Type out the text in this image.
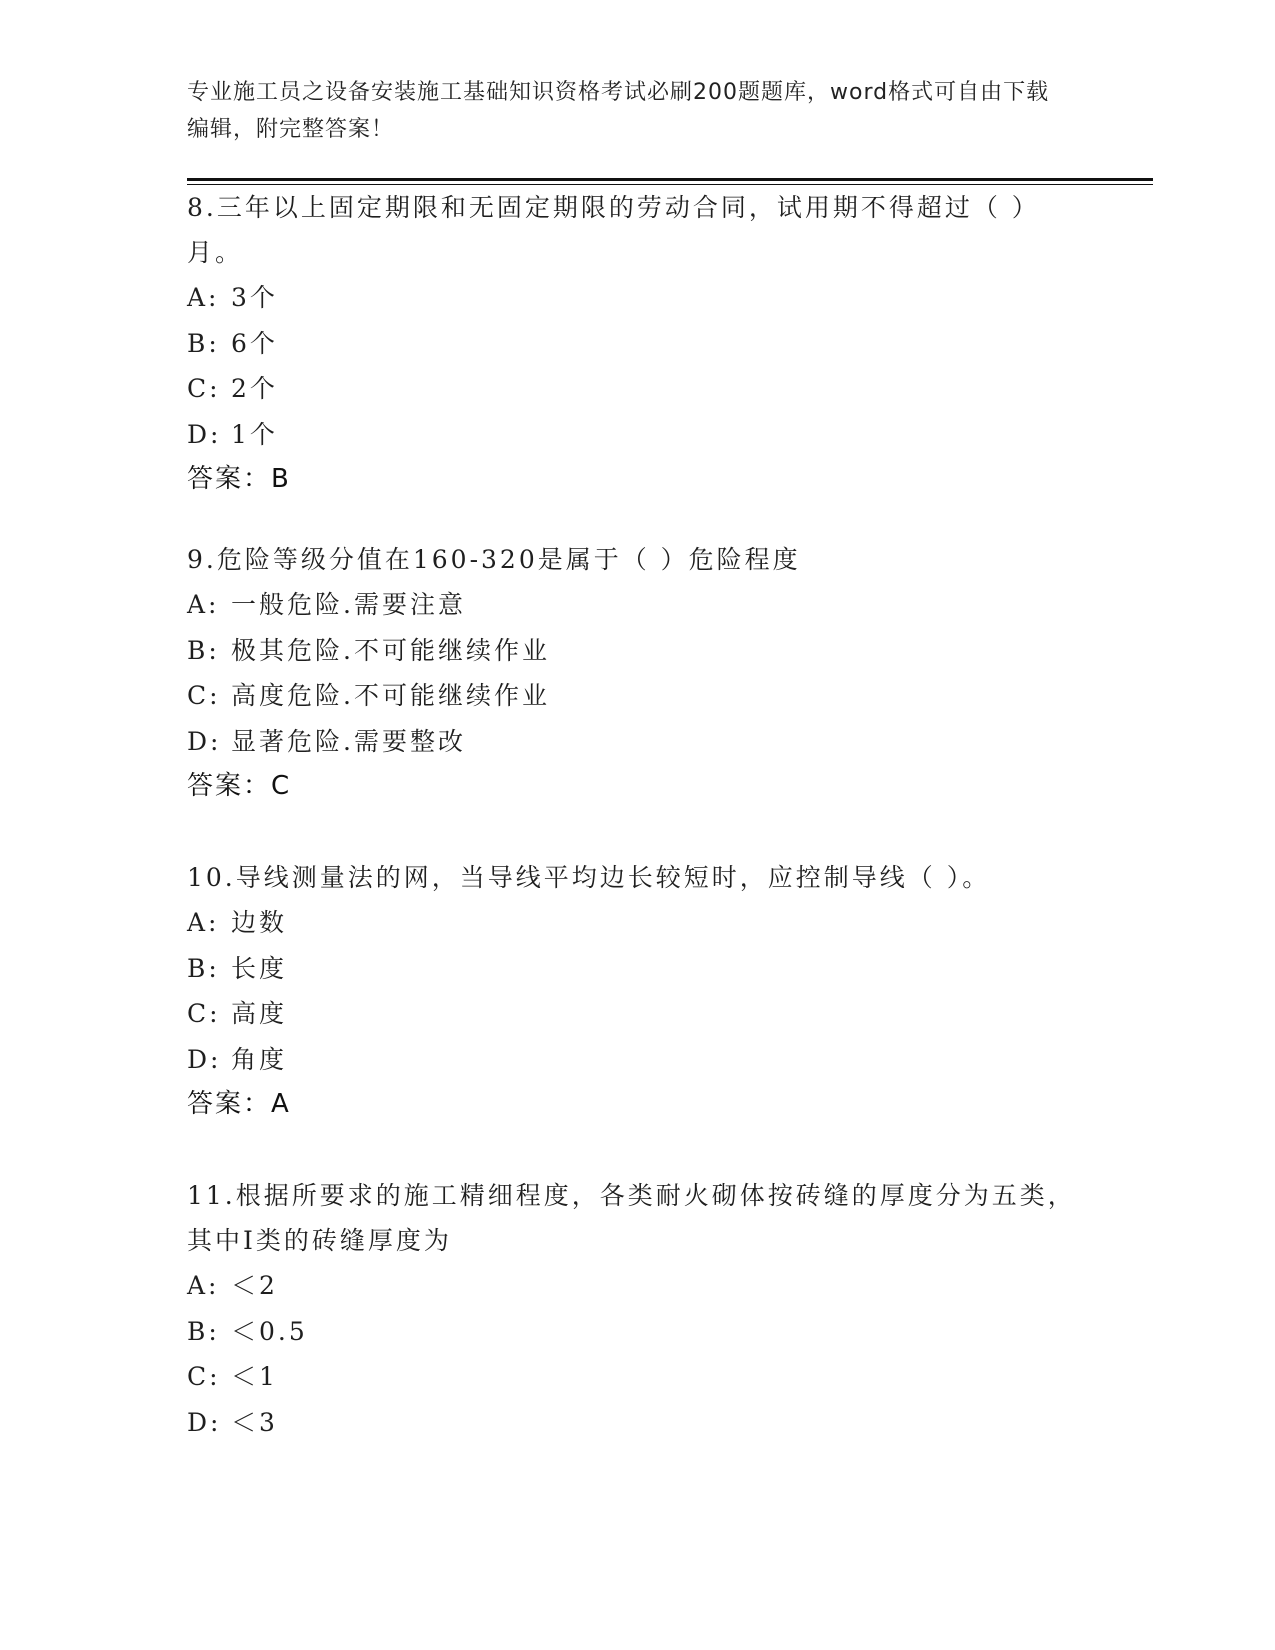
专业施工员之设备安装施工基础知识资格考试必刷200题题库，word格式可自由下载编辑，附完整答案！

8.三年以上固定期限和无固定期限的劳动合同，试用期不得超过（ ）月。

A: 3个
B: 6个
C: 2个
D: 1个
答案：B

9.危险等级分值在160-320是属于（ ）危险程度

A: 一般危险.需要注意
B: 极其危险.不可能继续作业
C: 高度危险.不可能继续作业
D: 显著危险.需要整改
答案：C

10.导线测量法的网，当导线平均边长较短时，应控制导线（ ）。

A: 边数
B: 长度
C: 高度
D: 角度
答案：A

11.根据所要求的施工精细程度，各类耐火砌体按砖缝的厚度分为五类，其中Ⅰ类的砖缝厚度为

A: ＜2
B: ＜0.5
C: ＜1
D: ＜3
